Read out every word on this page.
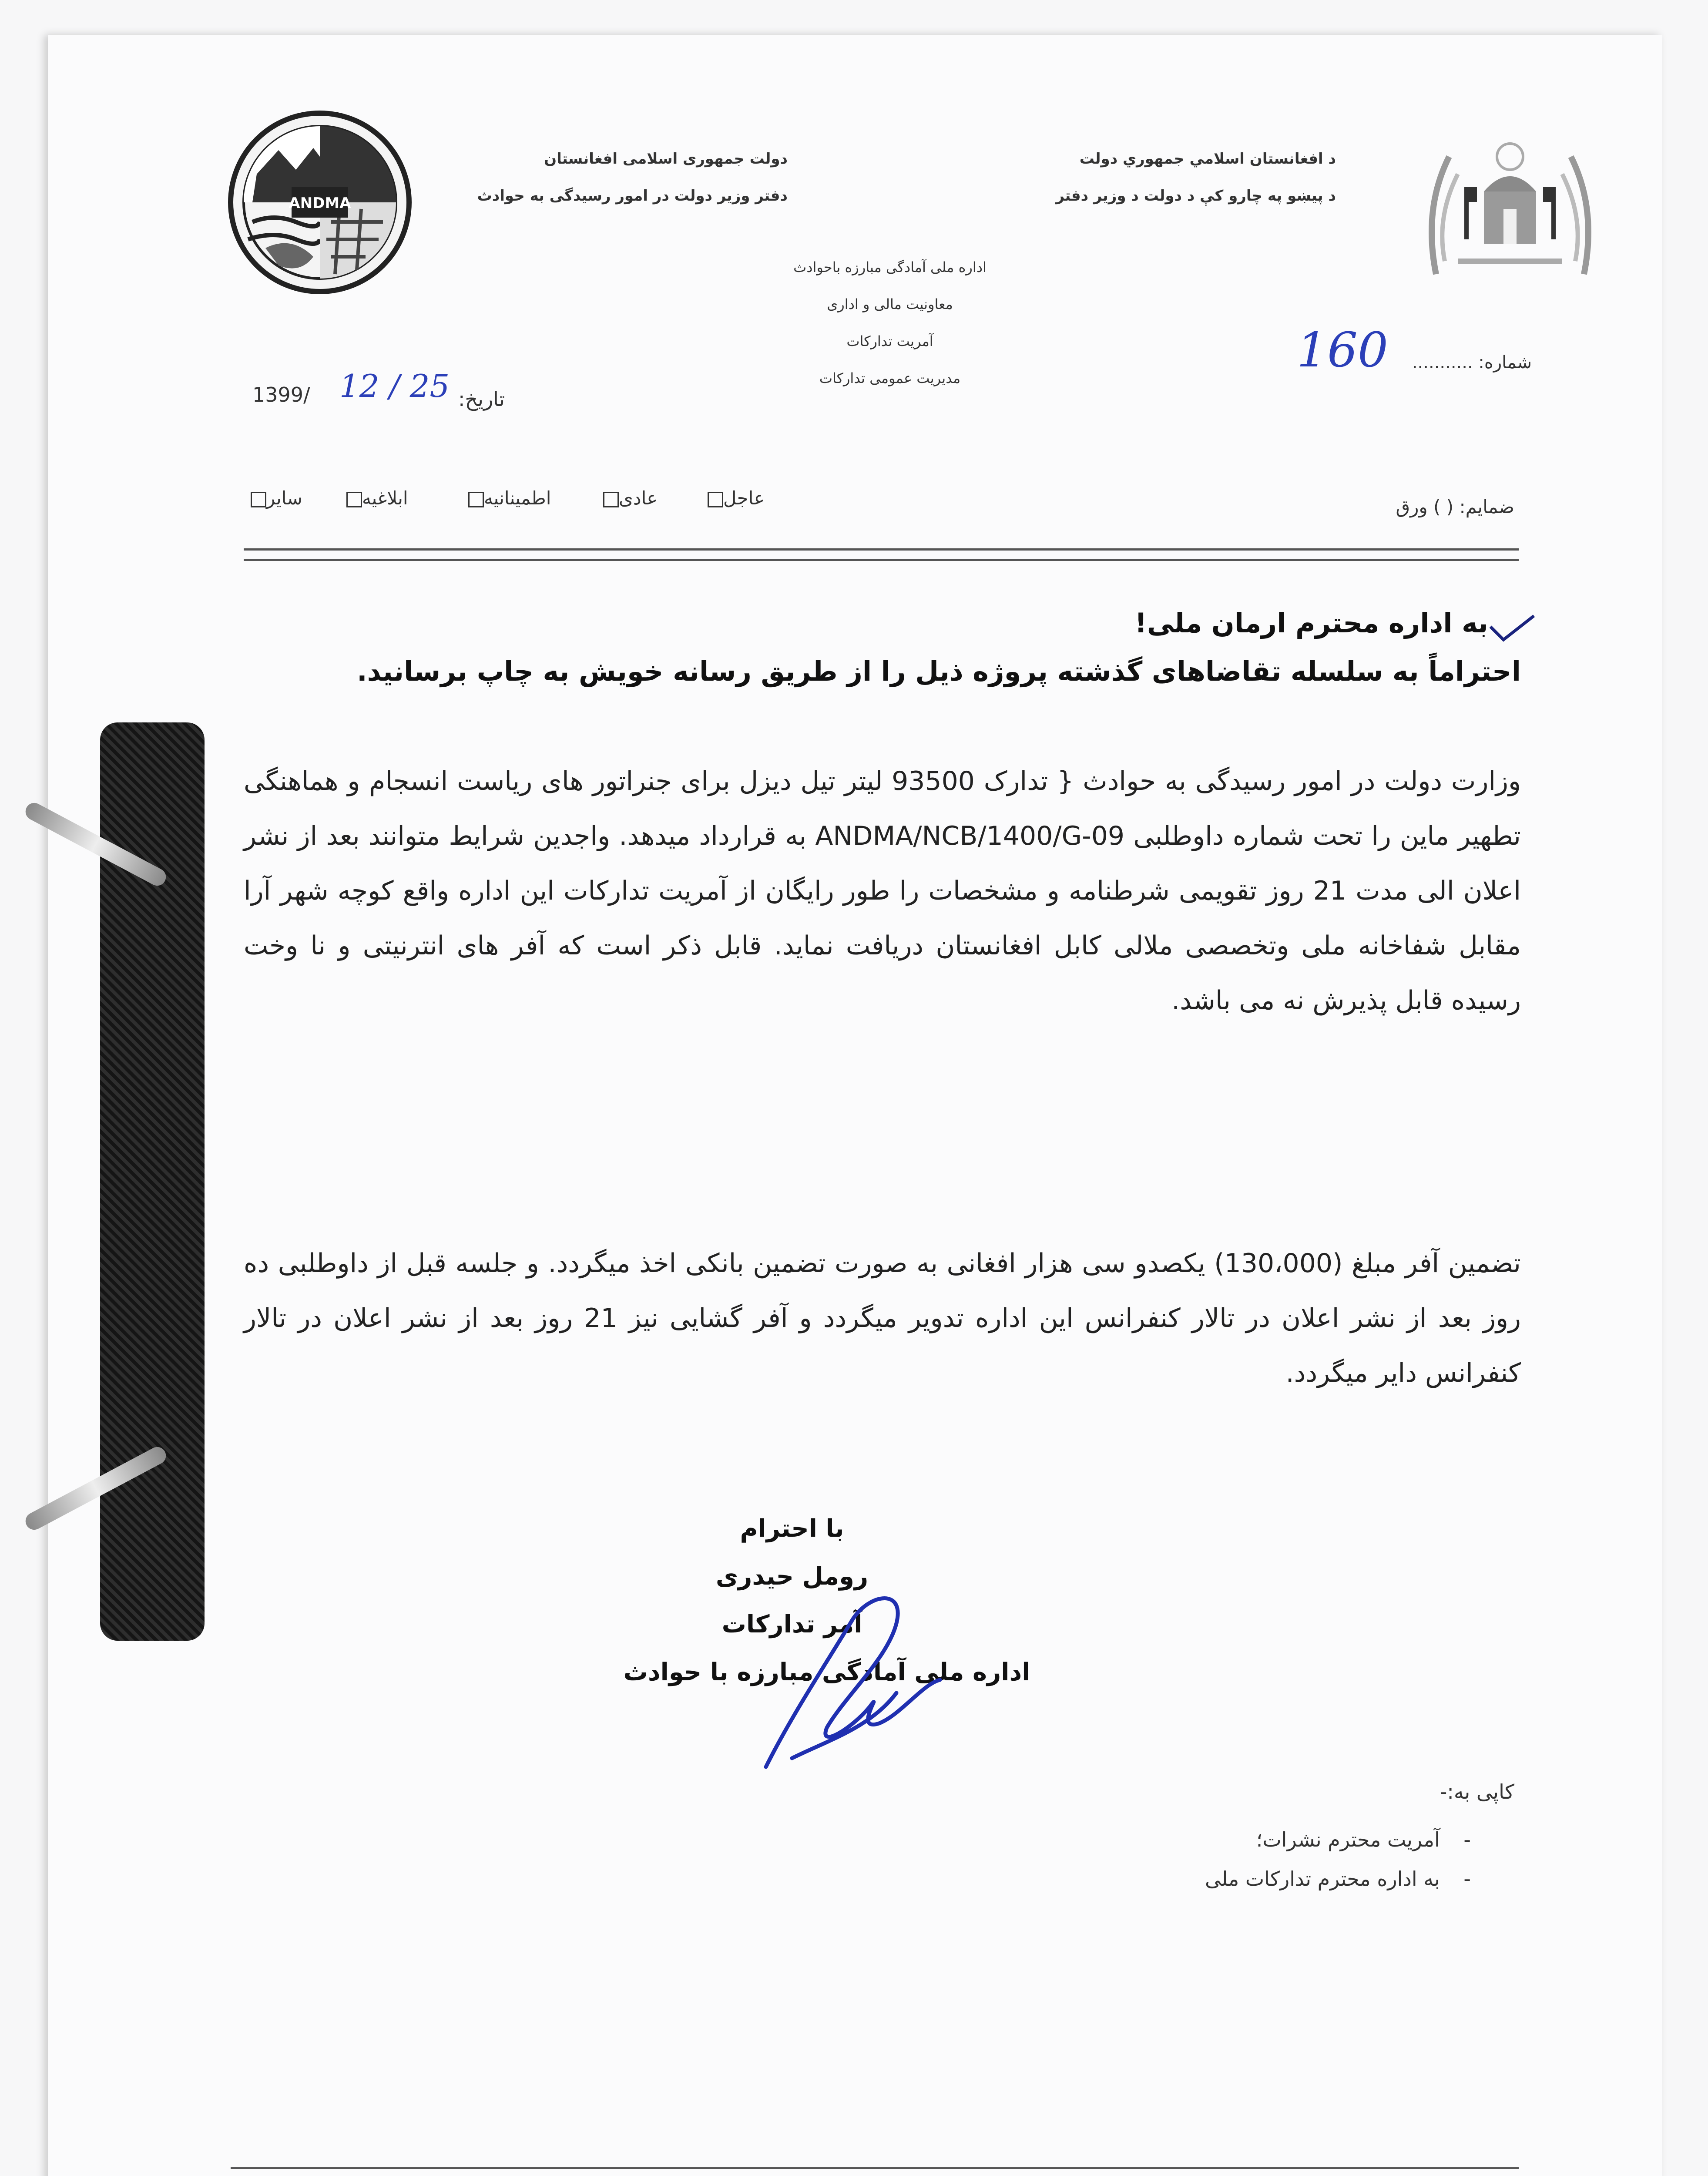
ANDMA
دولت جمهوری اسلامی افغانستان
دفتر وزیر دولت در امور رسیدگی به حوادث
د افغانستان اسلامي جمهوري دولت
د پیښو په چارو کې د دولت د وزیر دفتر
اداره ملی آمادگی مبارزه باحوادث
معاونیت مالی و اداری
آمریت تدارکات
مدیریت عمومی تدارکات
شماره: ...........
160
1399/ 12 / 25 تاریخ:
عاجل
عادی
اطمینانیه
ابلاغیه
سایر	ضمایم: ( ) ورق
به اداره محترم ارمان ملی!
احتراماً به سلسله تقاضاهای گذشته پروژه ذیل را از طریق رسانه خویش به چاپ برسانید.
وزارت دولت در امور رسیدگی به حوادث { تدارک 93500 لیتر تیل دیزل برای جنراتور های ریاست انسجام و هماهنگی تطهیر ماین را تحت شماره داوطلبی ANDMA/NCB/1400/G-09 به قرارداد میدهد. واجدین شرایط متوانند بعد از نشر اعلان الی مدت 21 روز تقویمی شرطنامه و مشخصات را طور رایگان از آمریت تدارکات این اداره واقع کوچه شهر آرا مقابل شفاخانه ملی وتخصصی ملالی کابل افغانستان دریافت نماید. قابل ذکر است که آفر های انترنیتی و نا وخت رسیده قابل پذیرش نه می باشد.
تضمین آفر مبلغ (130،000) یکصدو سی هزار افغانی به صورت تضمین بانکی اخذ میگردد. و جلسه قبل از داوطلبی ده روز بعد از نشر اعلان در تالار کنفرانس این اداره تدویر میگردد و آفر گشایی نیز 21 روز بعد از نشر اعلان در تالار کنفرانس دایر میگردد.
با احترام
رومل حیدری
آمر تدارکات
اداره ملی آمادگی مبارزه با حوادث
کاپی به:-
- آمریت محترم نشرات؛
- به اداره محترم تدارکات ملی
